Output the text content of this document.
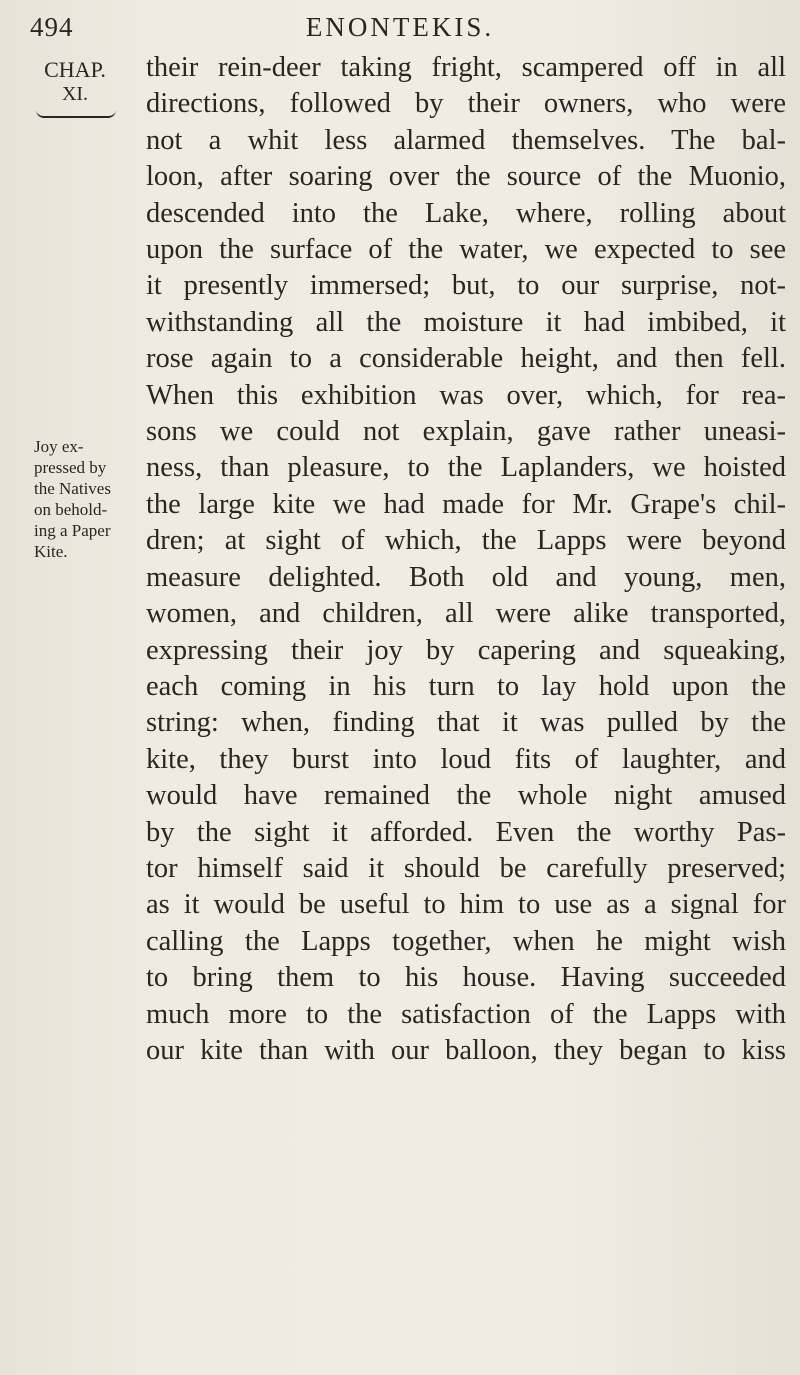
494	ENONTEKIS.
CHAP.
XI.
Joy ex-
pressed by
the Natives
on behold-
ing a Paper
Kite.
their rein-deer taking fright, scampered off in all
directions, followed by their owners, who were
not a whit less alarmed themselves. The bal-
loon, after soaring over the source of the Muonio,
descended into the Lake, where, rolling about
upon the surface of the water, we expected to see
it presently immersed; but, to our surprise, not-
withstanding all the moisture it had imbibed, it
rose again to a considerable height, and then fell.
When this exhibition was over, which, for rea-
sons we could not explain, gave rather uneasi-
ness, than pleasure, to the Laplanders, we hoisted
the large kite we had made for Mr. Grape's chil-
dren; at sight of which, the Lapps were beyond
measure delighted. Both old and young, men,
women, and children, all were alike transported,
expressing their joy by capering and squeaking,
each coming in his turn to lay hold upon the
string: when, finding that it was pulled by the
kite, they burst into loud fits of laughter, and
would have remained the whole night amused
by the sight it afforded. Even the worthy Pas-
tor himself said it should be carefully preserved;
as it would be useful to him to use as a signal for
calling the Lapps together, when he might wish
to bring them to his house. Having succeeded
much more to the satisfaction of the Lapps with
our kite than with our balloon, they began to kiss
